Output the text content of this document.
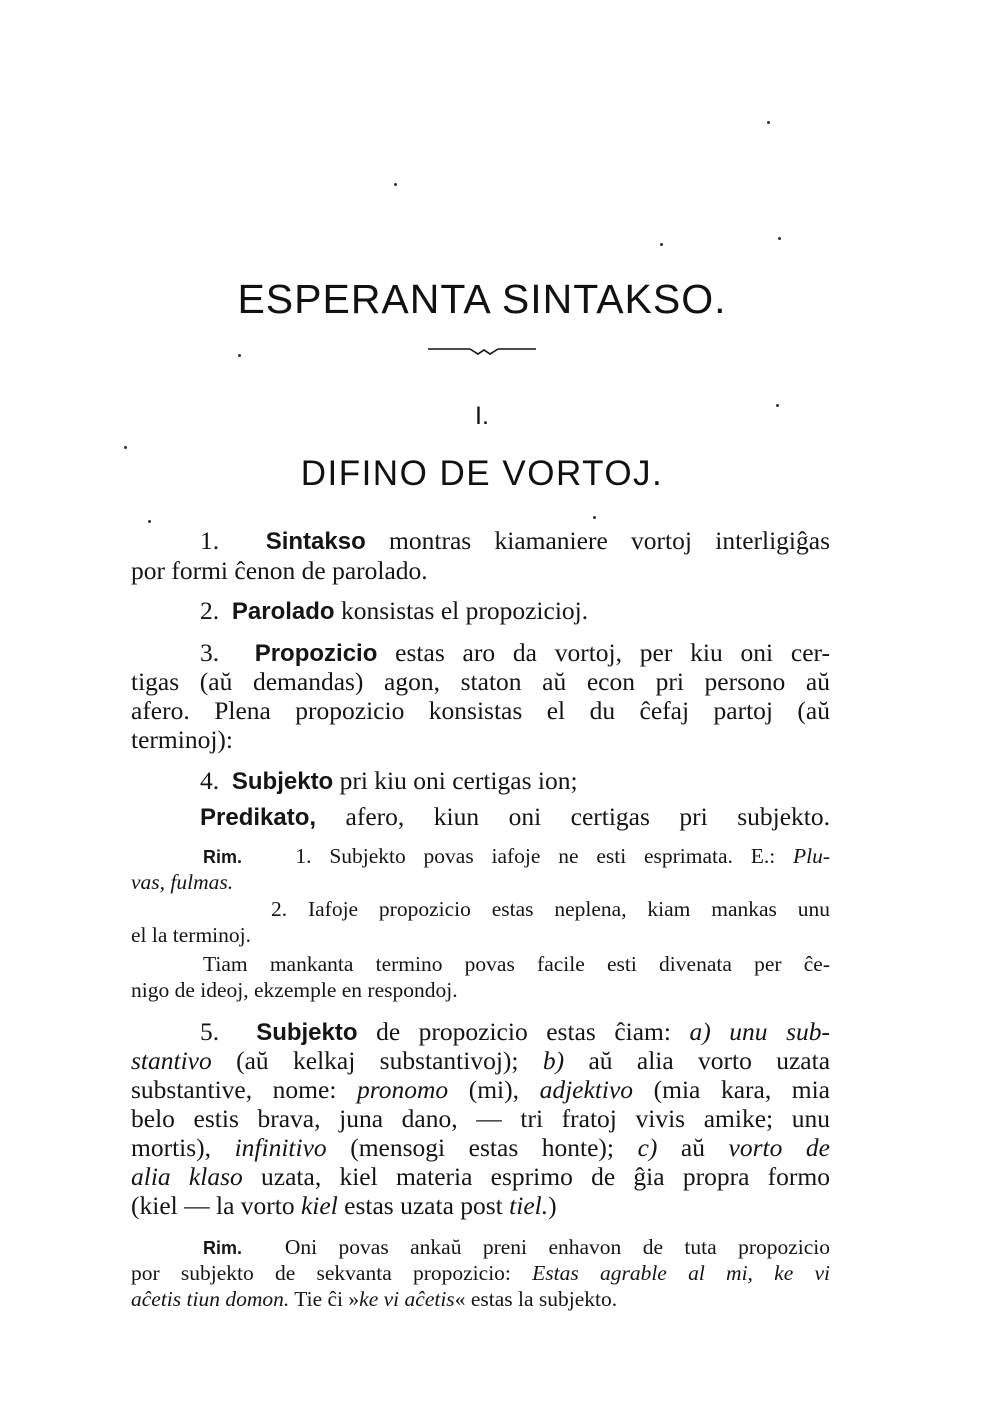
ESPERANTA SINTAKSO.
I.
DIFINO DE VORTOJ.
1. Sintakso montras kiamaniere vortoj interligiĝas
por formi ĉenon de parolado.
2. Parolado konsistas el propozicioj.
3. Propozicio estas aro da vortoj, per kiu oni cer-
tigas (aŭ demandas) agon, staton aŭ econ pri persono aŭ
afero. Plena propozicio konsistas el du ĉefaj partoj (aŭ
terminoj):
4. Subjekto pri kiu oni certigas ion;
Predikato, afero, kiun oni certigas pri subjekto.
Rim. 1. Subjekto povas iafoje ne esti esprimata. E.: Plu-
vas, fulmas.
2. Iafoje propozicio estas neplena, kiam mankas unu
el la terminoj.
Tiam mankanta termino povas facile esti divenata per ĉe-
nigo de ideoj, ekzemple en respondoj.
5. Subjekto de propozicio estas ĉiam: a) unu sub-
stantivo (aŭ kelkaj substantivoj); b) aŭ alia vorto uzata
substantive, nome: pronomo (mi), adjektivo (mia kara, mia
belo estis brava, juna dano, — tri fratoj vivis amike; unu
mortis), infinitivo (mensogi estas honte); c) aŭ vorto de
alia klaso uzata, kiel materia esprimo de ĝia propra formo
(kiel — la vorto kiel estas uzata post tiel.)
Rim. Oni povas ankaŭ preni enhavon de tuta propozicio
por subjekto de sekvanta propozicio: Estas agrable al mi, ke vi
aĉetis tiun domon. Tie ĉi »ke vi aĉetis« estas la subjekto.
